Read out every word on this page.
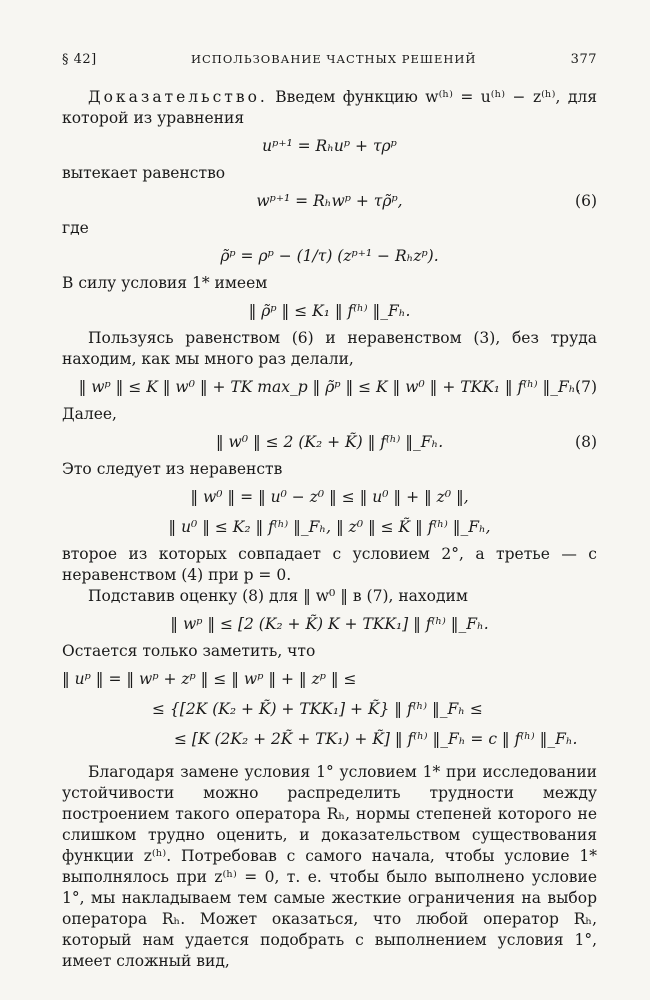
§ 42]	ИСПОЛЬЗОВАНИЕ ЧАСТНЫХ РЕШЕНИЙ	377

Доказательство. Введем функцию w⁽ʰ⁾ = u⁽ʰ⁾ − z⁽ʰ⁾, для которой из уравнения

uᵖ⁺¹ = Rₕuᵖ + τρᵖ

вытекает равенство

wᵖ⁺¹ = Rₕwᵖ + τρ̃ᵖ,	(6)

где

ρ̃ᵖ = ρᵖ − (1/τ) (zᵖ⁺¹ − Rₕzᵖ).

В силу условия 1* имеем

‖ ρ̃ᵖ ‖ ≤ K₁ ‖ f⁽ʰ⁾ ‖_Fₕ.

Пользуясь равенством (6) и неравенством (3), без труда находим, как мы много раз делали,

‖ wᵖ ‖ ≤ K ‖ w⁰ ‖ + TK max_p ‖ ρ̃ᵖ ‖ ≤ K ‖ w⁰ ‖ + TKK₁ ‖ f⁽ʰ⁾ ‖_Fₕ.
(7)

Далее,

‖ w⁰ ‖ ≤ 2 (K₂ + K̃) ‖ f⁽ʰ⁾ ‖_Fₕ.	(8)

Это следует из неравенств

‖ w⁰ ‖ = ‖ u⁰ − z⁰ ‖ ≤ ‖ u⁰ ‖ + ‖ z⁰ ‖,
‖ u⁰ ‖ ≤ K₂ ‖ f⁽ʰ⁾ ‖_Fₕ, ‖ z⁰ ‖ ≤ K̃ ‖ f⁽ʰ⁾ ‖_Fₕ,

второе из которых совпадает с условием 2°, а третье — с неравенством (4) при p = 0.

Подставив оценку (8) для ‖ w⁰ ‖ в (7), находим

‖ wᵖ ‖ ≤ [2 (K₂ + K̃) K + TKK₁] ‖ f⁽ʰ⁾ ‖_Fₕ.

Остается только заметить, что

‖ uᵖ ‖ = ‖ wᵖ + zᵖ ‖ ≤ ‖ wᵖ ‖ + ‖ zᵖ ‖ ≤
≤ {[2K (K₂ + K̃) + TKK₁] + K̃} ‖ f⁽ʰ⁾ ‖_Fₕ ≤
≤ [K (2K₂ + 2K̃ + TK₁) + K̃] ‖ f⁽ʰ⁾ ‖_Fₕ = c ‖ f⁽ʰ⁾ ‖_Fₕ.

Благодаря замене условия 1° условием 1* при исследовании устойчивости можно распределить трудности между построением такого оператора Rₕ, нормы степеней которого не слишком трудно оценить, и доказательством существования функции z⁽ʰ⁾. Потребовав с самого начала, чтобы условие 1* выполнялось при z⁽ʰ⁾ = 0, т. е. чтобы было выполнено условие 1°, мы накладываем тем самые жесткие ограничения на выбор оператора Rₕ. Может оказаться, что любой оператор Rₕ, который нам удается подобрать с выполнением условия 1°, имеет сложный вид,
